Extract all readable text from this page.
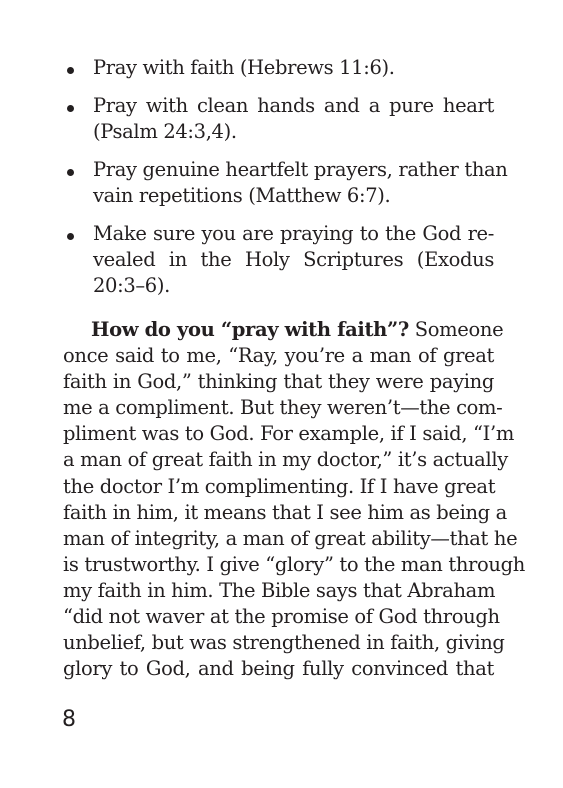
Pray with faith (Hebrews 11:6).
Pray with clean hands and a pure heart
(Psalm 24:3,4).
Pray genuine heartfelt prayers, rather than
vain repetitions (Matthew 6:7).
Make sure you are praying to the God re-
vealed in the Holy Scriptures (Exodus
20:3–6).
How do you “pray with faith”? Someone
once said to me, “Ray, you’re a man of great
faith in God,” thinking that they were paying
me a compliment. But they weren’t—the com-
pliment was to God. For example, if I said, “I’m
a man of great faith in my doctor,” it’s actually
the doctor I’m complimenting. If I have great
faith in him, it means that I see him as being a
man of integrity, a man of great ability—that he
is trustworthy. I give “glory” to the man through
my faith in him. The Bible says that Abraham
“did not waver at the promise of God through
unbelief, but was strengthened in faith, giving
glory to God, and being fully convinced that
8
